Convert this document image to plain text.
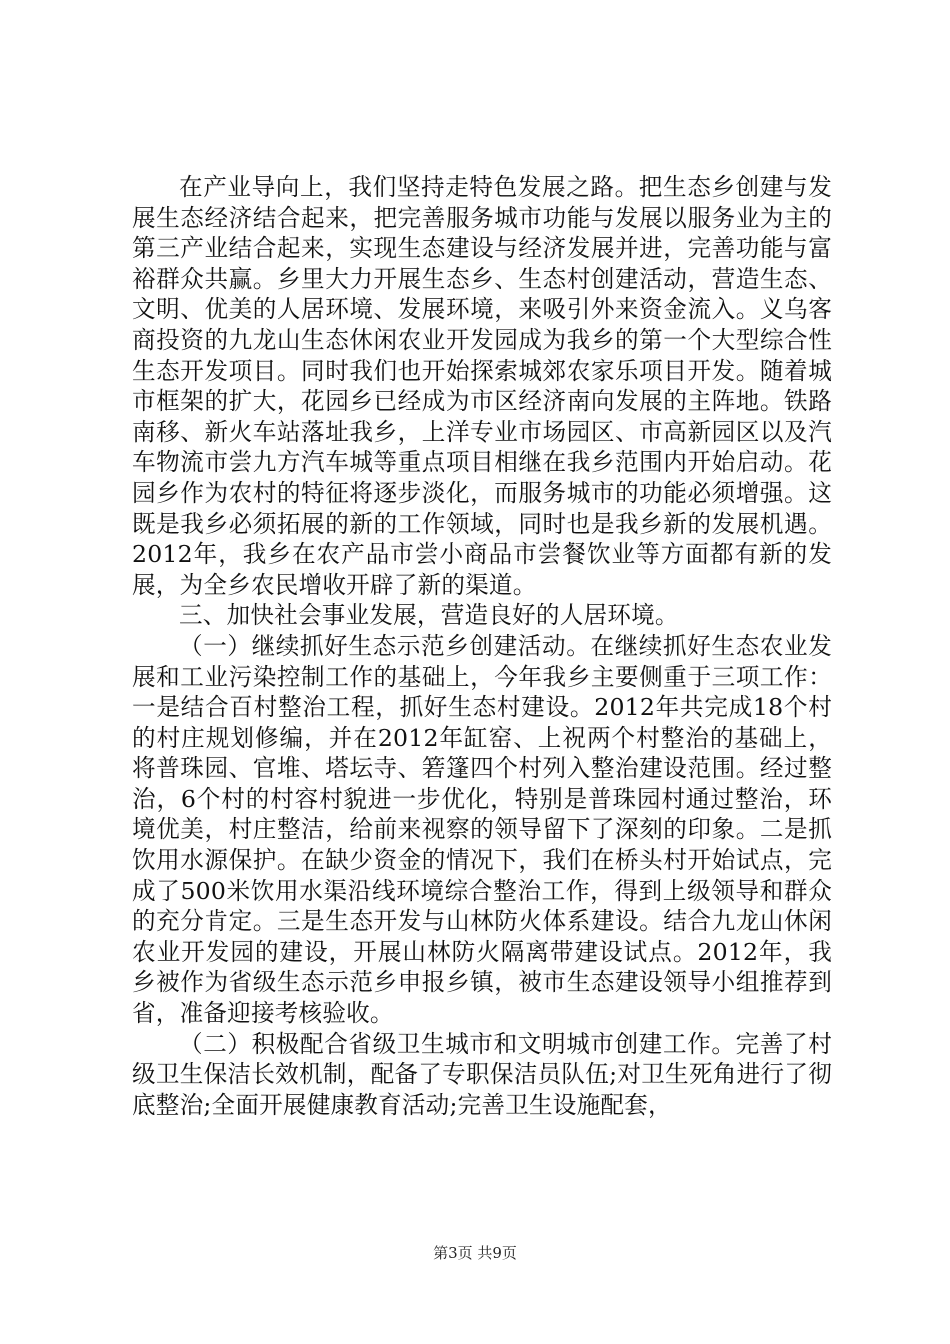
在产业导向上，我们坚持走特色发展之路。把生态乡创建与发展生态经济结合起来，把完善服务城市功能与发展以服务业为主的第三产业结合起来，实现生态建设与经济发展并进，完善功能与富裕群众共赢。乡里大力开展生态乡、生态村创建活动，营造生态、文明、优美的人居环境、发展环境，来吸引外来资金流入。义乌客商投资的九龙山生态休闲农业开发园成为我乡的第一个大型综合性生态开发项目。同时我们也开始探索城郊农家乐项目开发。随着城市框架的扩大，花园乡已经成为市区经济南向发展的主阵地。铁路南移、新火车站落址我乡，上洋专业市场园区、市高新园区以及汽车物流市尝九方汽车城等重点项目相继在我乡范围内开始启动。花园乡作为农村的特征将逐步淡化，而服务城市的功能必须增强。这既是我乡必须拓展的新的工作领域，同时也是我乡新的发展机遇。2012年，我乡在农产品市尝小商品市尝餐饮业等方面都有新的发展，为全乡农民增收开辟了新的渠道。

三、加快社会事业发展，营造良好的人居环境。

（一）继续抓好生态示范乡创建活动。在继续抓好生态农业发展和工业污染控制工作的基础上，今年我乡主要侧重于三项工作：一是结合百村整治工程，抓好生态村建设。2012年共完成18个村的村庄规划修编，并在2012年缸窑、上祝两个村整治的基础上，将普珠园、官堆、塔坛寺、箬篷四个村列入整治建设范围。经过整治，6个村的村容村貌进一步优化，特别是普珠园村通过整治，环境优美，村庄整洁，给前来视察的领导留下了深刻的印象。二是抓饮用水源保护。在缺少资金的情况下，我们在桥头村开始试点，完成了500米饮用水渠沿线环境综合整治工作，得到上级领导和群众的充分肯定。三是生态开发与山林防火体系建设。结合九龙山休闲农业开发园的建设，开展山林防火隔离带建设试点。2012年，我乡被作为省级生态示范乡申报乡镇，被市生态建设领导小组推荐到省，准备迎接考核验收。

（二）积极配合省级卫生城市和文明城市创建工作。完善了村级卫生保洁长效机制，配备了专职保洁员队伍;对卫生死角进行了彻底整治;全面开展健康教育活动;完善卫生设施配套，

第3页 共9页
